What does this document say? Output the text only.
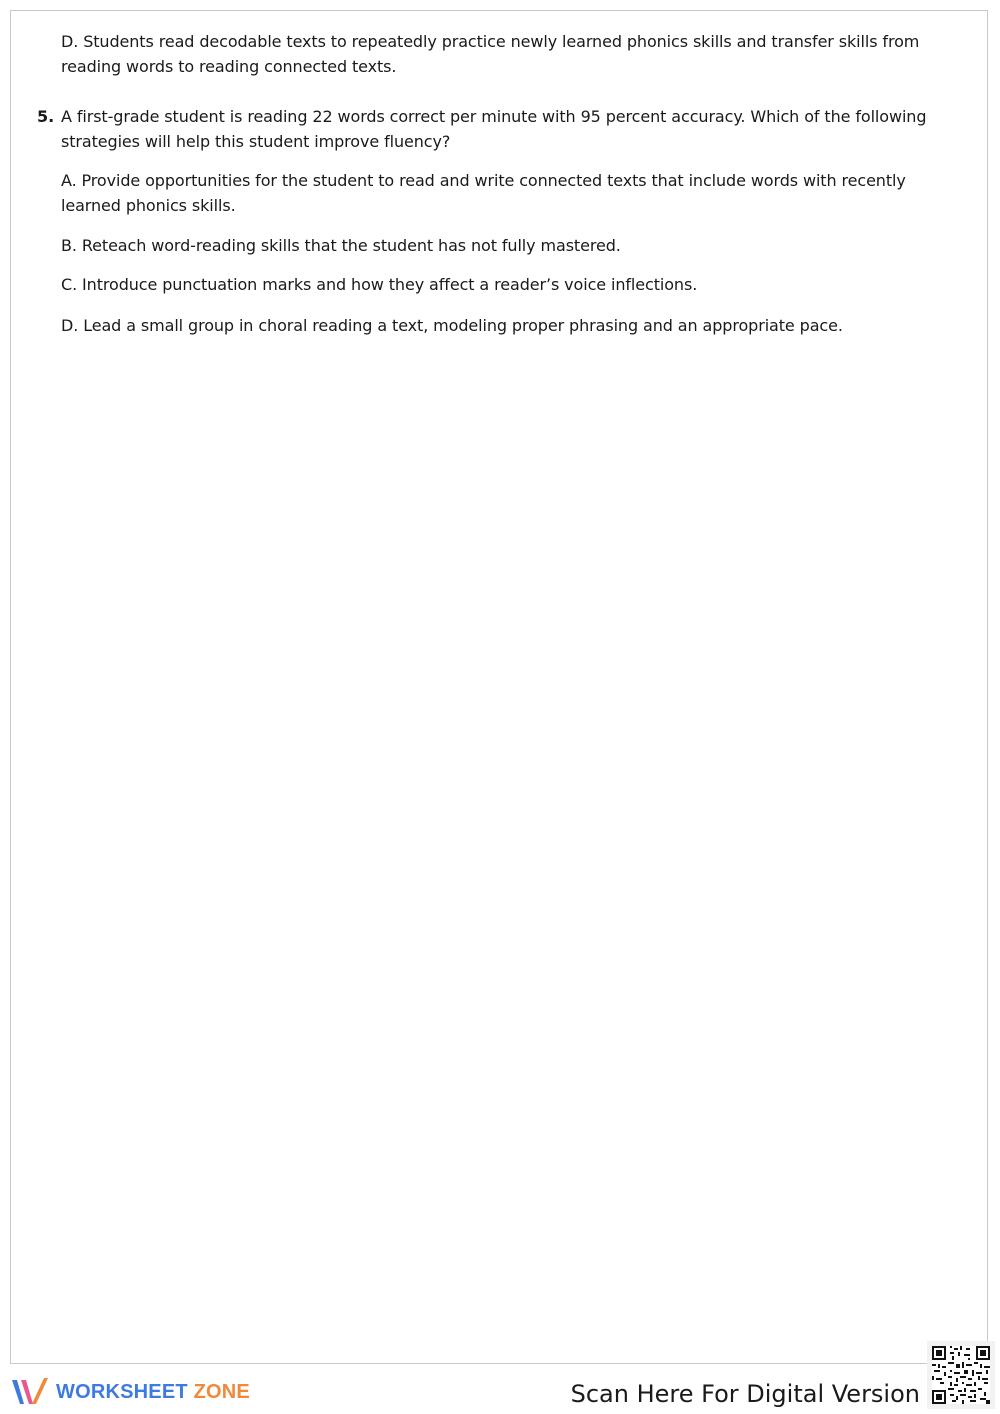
D. Students read decodable texts to repeatedly practice newly learned phonics skills and transfer skills from reading words to reading connected texts.
5. A first-grade student is reading 22 words correct per minute with 95 percent accuracy. Which of the following strategies will help this student improve fluency?
A. Provide opportunities for the student to read and write connected texts that include words with recently learned phonics skills.
B. Reteach word-reading skills that the student has not fully mastered.
C. Introduce punctuation marks and how they affect a reader’s voice inflections.
D. Lead a small group in choral reading a text, modeling proper phrasing and an appropriate pace.
WORKSHEET ZONE	Scan Here For Digital Version
